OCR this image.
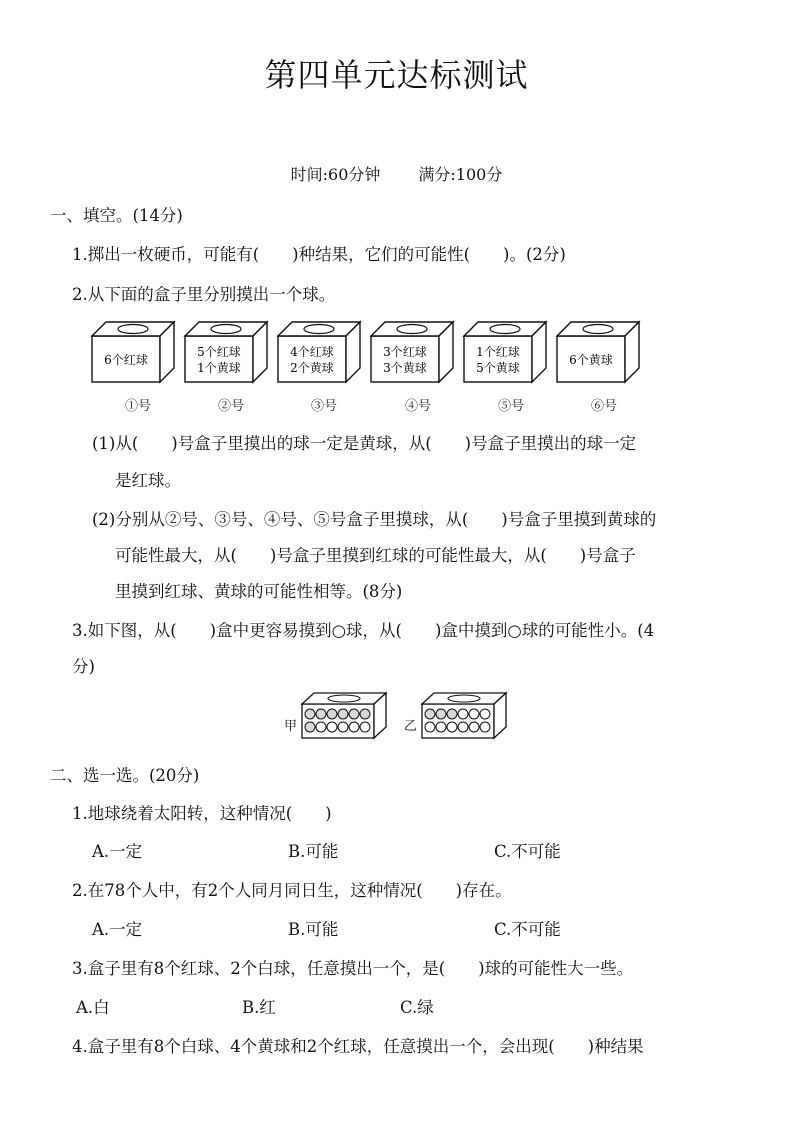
第四单元达标测试
时间:60分钟 满分:100分
一、填空。(14分)
1.掷出一枚硬币，可能有(　　)种结果，它们的可能性(　　)。(2分)
2.从下面的盒子里分别摸出一个球。
6个红球
5个红球
1个黄球
4个红球
2个黄球
3个红球
3个黄球
1个红球
5个黄球
6个黄球
①号	②号	③号	④号	⑤号	⑥号
(1)从(　　)号盒子里摸出的球一定是黄球，从(　　)号盒子里摸出的球一定
是红球。
(2)分别从②号、③号、④号、⑤号盒子里摸球，从(　　)号盒子里摸到黄球的
可能性最大，从(　　)号盒子里摸到红球的可能性最大，从(　　)号盒子
里摸到红球、黄球的可能性相等。(8分)
3.如下图，从(　　)盒中更容易摸到○球，从(　　)盒中摸到○球的可能性小。(4
分)
甲	乙
二、选一选。(20分)
1.地球绕着太阳转，这种情况(　　)
A.一定	B.可能	C.不可能
2.在78个人中，有2个人同月同日生，这种情况(　　)存在。
A.一定	B.可能	C.不可能
3.盒子里有8个红球、2个白球，任意摸出一个，是(　　)球的可能性大一些。
A.白	B.红	C.绿
4.盒子里有8个白球、4个黄球和2个红球，任意摸出一个，会出现(　　)种结果
